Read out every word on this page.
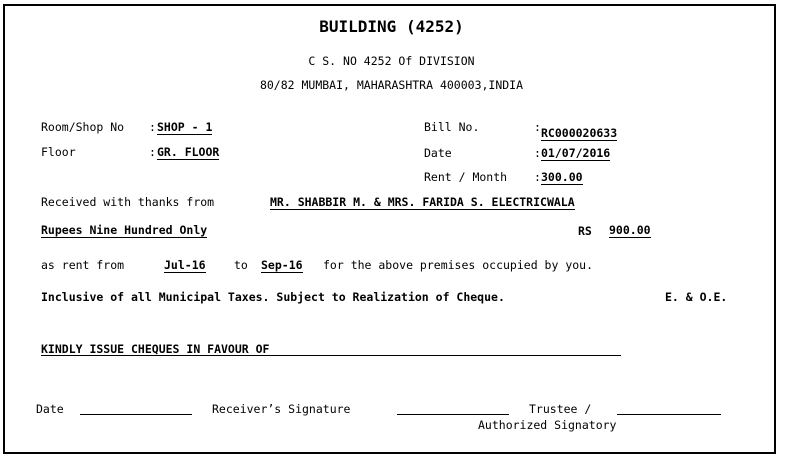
BUILDING (4252)
C S. NO 4252 Of DIVISION
80/82 MUMBAI, MAHARASHTRA 400003,INDIA
Room/Shop No : SHOP - 1
Floor	: GR. FLOOR
Bill No.	: RC000020633
Date	: 01/07/2016
Rent / Month : 300.00
Received with thanks from	MR. SHABBIR M. & MRS. FARIDA S. ELECTRICWALA
Rupees Nine Hundred Only	RS 900.00
as rent from	Jul-16 to Sep-16 for the above premises occupied by you.
Inclusive of all Municipal Taxes. Subject to Realization of Cheque.	E. & O.E.
KINDLY ISSUE CHEQUES IN FAVOUR OF
Date	Receiver’s Signature	Trustee /
Authorized Signatory
